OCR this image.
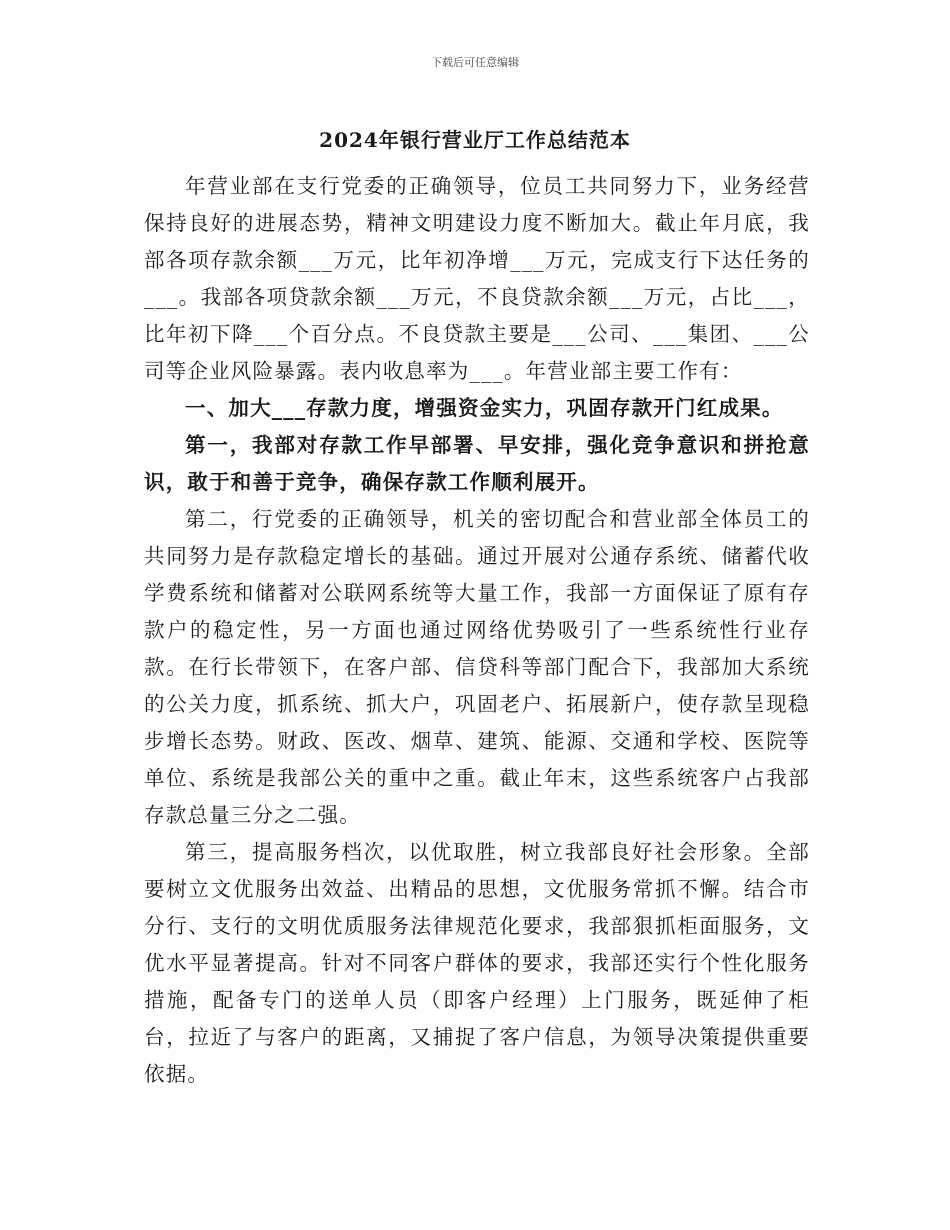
下载后可任意编辑
2024年银行营业厅工作总结范本

年营业部在支行党委的正确领导，位员工共同努力下，业务经营保持良好的进展态势，精神文明建设力度不断加大。截止年月底，我部各项存款余额___万元，比年初净增___万元，完成支行下达任务的___。我部各项贷款余额___万元，不良贷款余额___万元，占比___，比年初下降___个百分点。不良贷款主要是___公司、___集团、___公司等企业风险暴露。表内收息率为___。年营业部主要工作有：

一、加大___存款力度，增强资金实力，巩固存款开门红成果。

第一，我部对存款工作早部署、早安排，强化竞争意识和拼抢意识，敢于和善于竞争，确保存款工作顺利展开。

第二，行党委的正确领导，机关的密切配合和营业部全体员工的共同努力是存款稳定增长的基础。通过开展对公通存系统、储蓄代收学费系统和储蓄对公联网系统等大量工作，我部一方面保证了原有存款户的稳定性，另一方面也通过网络优势吸引了一些系统性行业存款。在行长带领下，在客户部、信贷科等部门配合下，我部加大系统的公关力度，抓系统、抓大户，巩固老户、拓展新户，使存款呈现稳步增长态势。财政、医改、烟草、建筑、能源、交通和学校、医院等单位、系统是我部公关的重中之重。截止年末，这些系统客户占我部存款总量三分之二强。

第三，提高服务档次，以优取胜，树立我部良好社会形象。全部要树立文优服务出效益、出精品的思想，文优服务常抓不懈。结合市分行、支行的文明优质服务法律规范化要求，我部狠抓柜面服务，文优水平显著提高。针对不同客户群体的要求，我部还实行个性化服务措施，配备专门的送单人员（即客户经理）上门服务，既延伸了柜台，拉近了与客户的距离，又捕捉了客户信息，为领导决策提供重要依据。
